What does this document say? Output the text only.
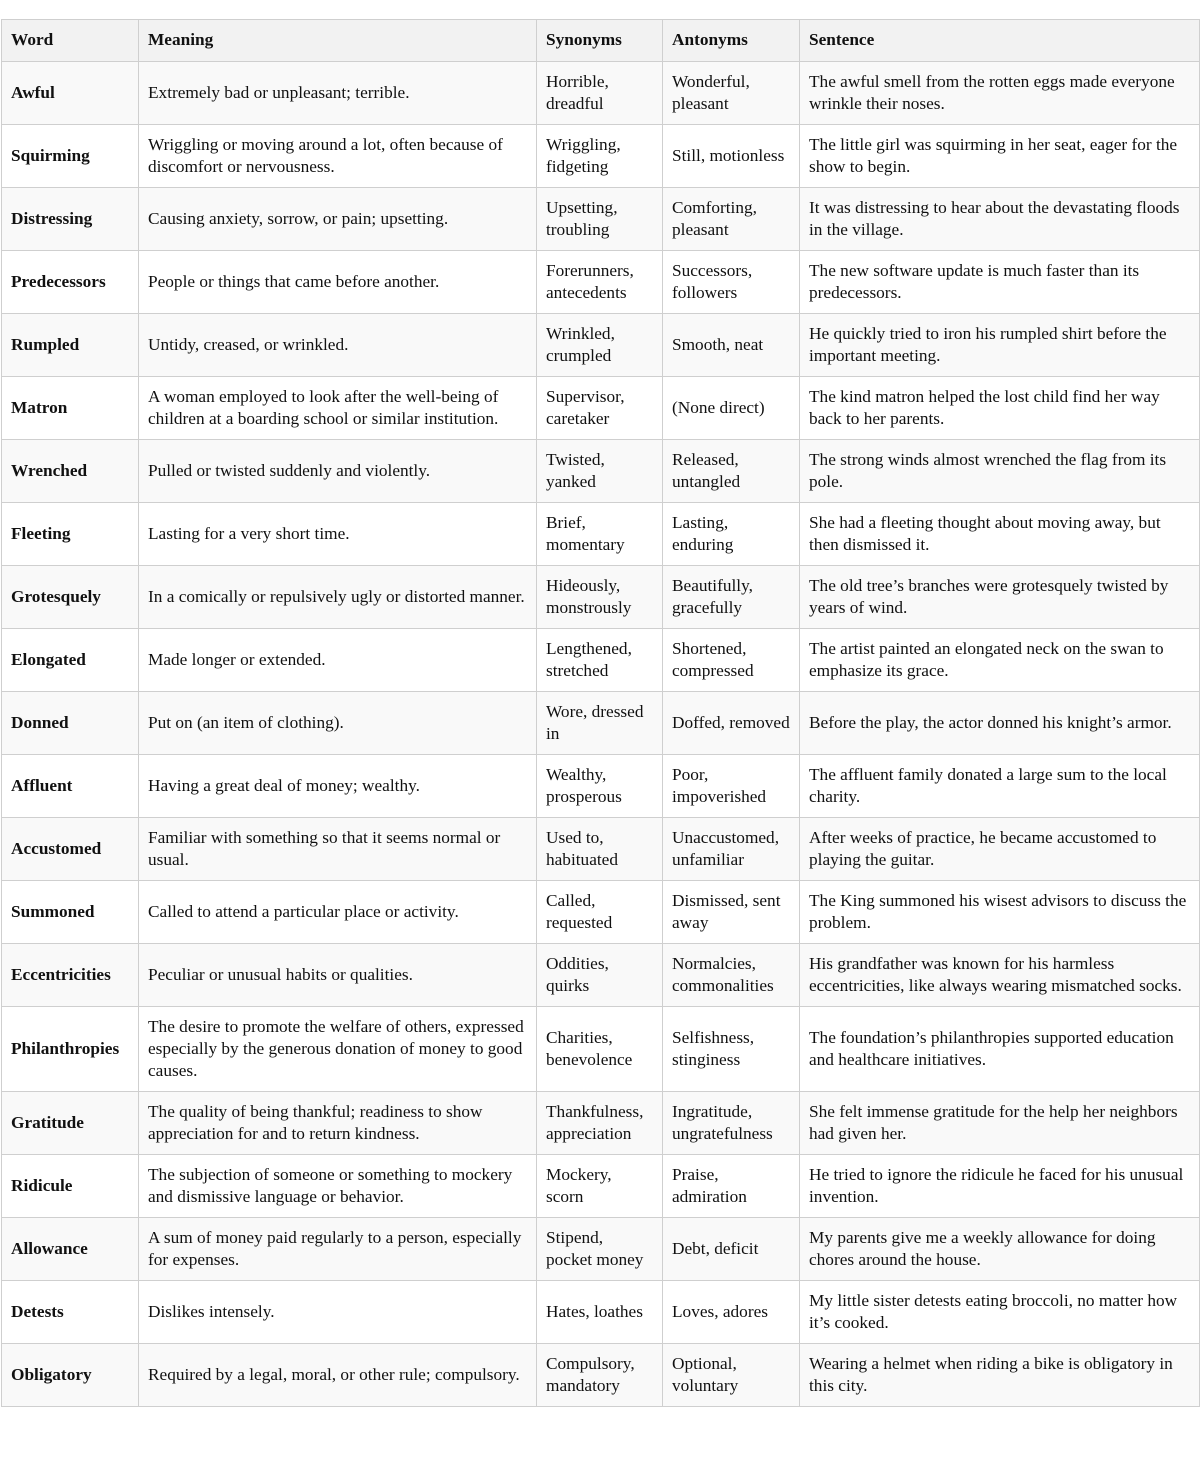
Word	Meaning	Synonyms	Antonyms	Sentence
Awful	Extremely bad or unpleasant; terrible.	Horrible, dreadful	Wonderful, pleasant	The awful smell from the rotten eggs made everyone wrinkle their noses.
Squirming	Wriggling or moving around a lot, often because of discomfort or nervousness.	Wriggling, fidgeting	Still, motionless	The little girl was squirming in her seat, eager for the show to begin.
Distressing	Causing anxiety, sorrow, or pain; upsetting.	Upsetting, troubling	Comforting, pleasant	It was distressing to hear about the devastating floods in the village.
Predecessors	People or things that came before another.	Forerunners, antecedents	Successors, followers	The new software update is much faster than its predecessors.
Rumpled	Untidy, creased, or wrinkled.	Wrinkled, crumpled	Smooth, neat	He quickly tried to iron his rumpled shirt before the important meeting.
Matron	A woman employed to look after the well-being of children at a boarding school or similar institution.	Supervisor, caretaker	(None direct)	The kind matron helped the lost child find her way back to her parents.
Wrenched	Pulled or twisted suddenly and violently.	Twisted, yanked	Released, untangled	The strong winds almost wrenched the flag from its pole.
Fleeting	Lasting for a very short time.	Brief, momentary	Lasting, enduring	She had a fleeting thought about moving away, but then dismissed it.
Grotesquely	In a comically or repulsively ugly or distorted manner.	Hideously, monstrously	Beautifully, gracefully	The old tree’s branches were grotesquely twisted by years of wind.
Elongated	Made longer or extended.	Lengthened, stretched	Shortened, compressed	The artist painted an elongated neck on the swan to emphasize its grace.
Donned	Put on (an item of clothing).	Wore, dressed in	Doffed, removed	Before the play, the actor donned his knight’s armor.
Affluent	Having a great deal of money; wealthy.	Wealthy, prosperous	Poor, impoverished	The affluent family donated a large sum to the local charity.
Accustomed	Familiar with something so that it seems normal or usual.	Used to, habituated	Unaccustomed, unfamiliar	After weeks of practice, he became accustomed to playing the guitar.
Summoned	Called to attend a particular place or activity.	Called, requested	Dismissed, sent away	The King summoned his wisest advisors to discuss the problem.
Eccentricities	Peculiar or unusual habits or qualities.	Oddities, quirks	Normalcies, commonalities	His grandfather was known for his harmless eccentricities, like always wearing mismatched socks.
Philanthropies	The desire to promote the welfare of others, expressed especially by the generous donation of money to good causes.	Charities, benevolence	Selfishness, stinginess	The foundation’s philanthropies supported education and healthcare initiatives.
Gratitude	The quality of being thankful; readiness to show appreciation for and to return kindness.	Thankfulness, appreciation	Ingratitude, ungratefulness	She felt immense gratitude for the help her neighbors had given her.
Ridicule	The subjection of someone or something to mockery and dismissive language or behavior.	Mockery, scorn	Praise, admiration	He tried to ignore the ridicule he faced for his unusual invention.
Allowance	A sum of money paid regularly to a person, especially for expenses.	Stipend, pocket money	Debt, deficit	My parents give me a weekly allowance for doing chores around the house.
Detests	Dislikes intensely.	Hates, loathes	Loves, adores	My little sister detests eating broccoli, no matter how it’s cooked.
Obligatory	Required by a legal, moral, or other rule; compulsory.	Compulsory, mandatory	Optional, voluntary	Wearing a helmet when riding a bike is obligatory in this city.
